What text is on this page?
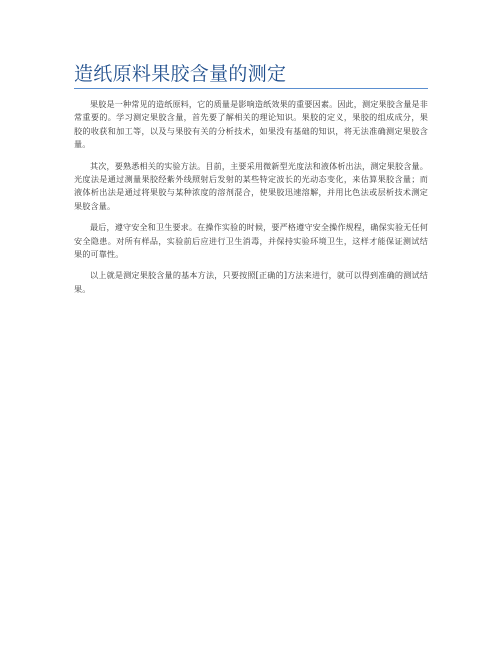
造纸原料果胶含量的测定

果胶是一种常见的造纸原料，它的质量是影响造纸效果的重要因素。因此，测定果胶含量是非常重要的。学习测定果胶含量，首先要了解相关的理论知识。果胶的定义，果胶的组成成分，果胶的收获和加工等，以及与果胶有关的分析技术，如果没有基础的知识，将无法准确测定果胶含量。

其次，要熟悉相关的实验方法。目前，主要采用微新型光度法和液体析出法，测定果胶含量。光度法是通过测量果胶经紫外线照射后发射的某些特定波长的光动态变化，来估算果胶含量；而液体析出法是通过将果胶与某种浓度的溶剂混合，使果胶迅速溶解，并用比色法或层析技术测定果胶含量。

最后，遵守安全和卫生要求。在操作实验的时候，要严格遵守安全操作规程，确保实验无任何安全隐患。对所有样品，实验前后应进行卫生消毒，并保持实验环境卫生，这样才能保证测试结果的可靠性。

以上就是测定果胶含量的基本方法，只要按照[正确的]方法来进行，就可以得到准确的测试结果。
